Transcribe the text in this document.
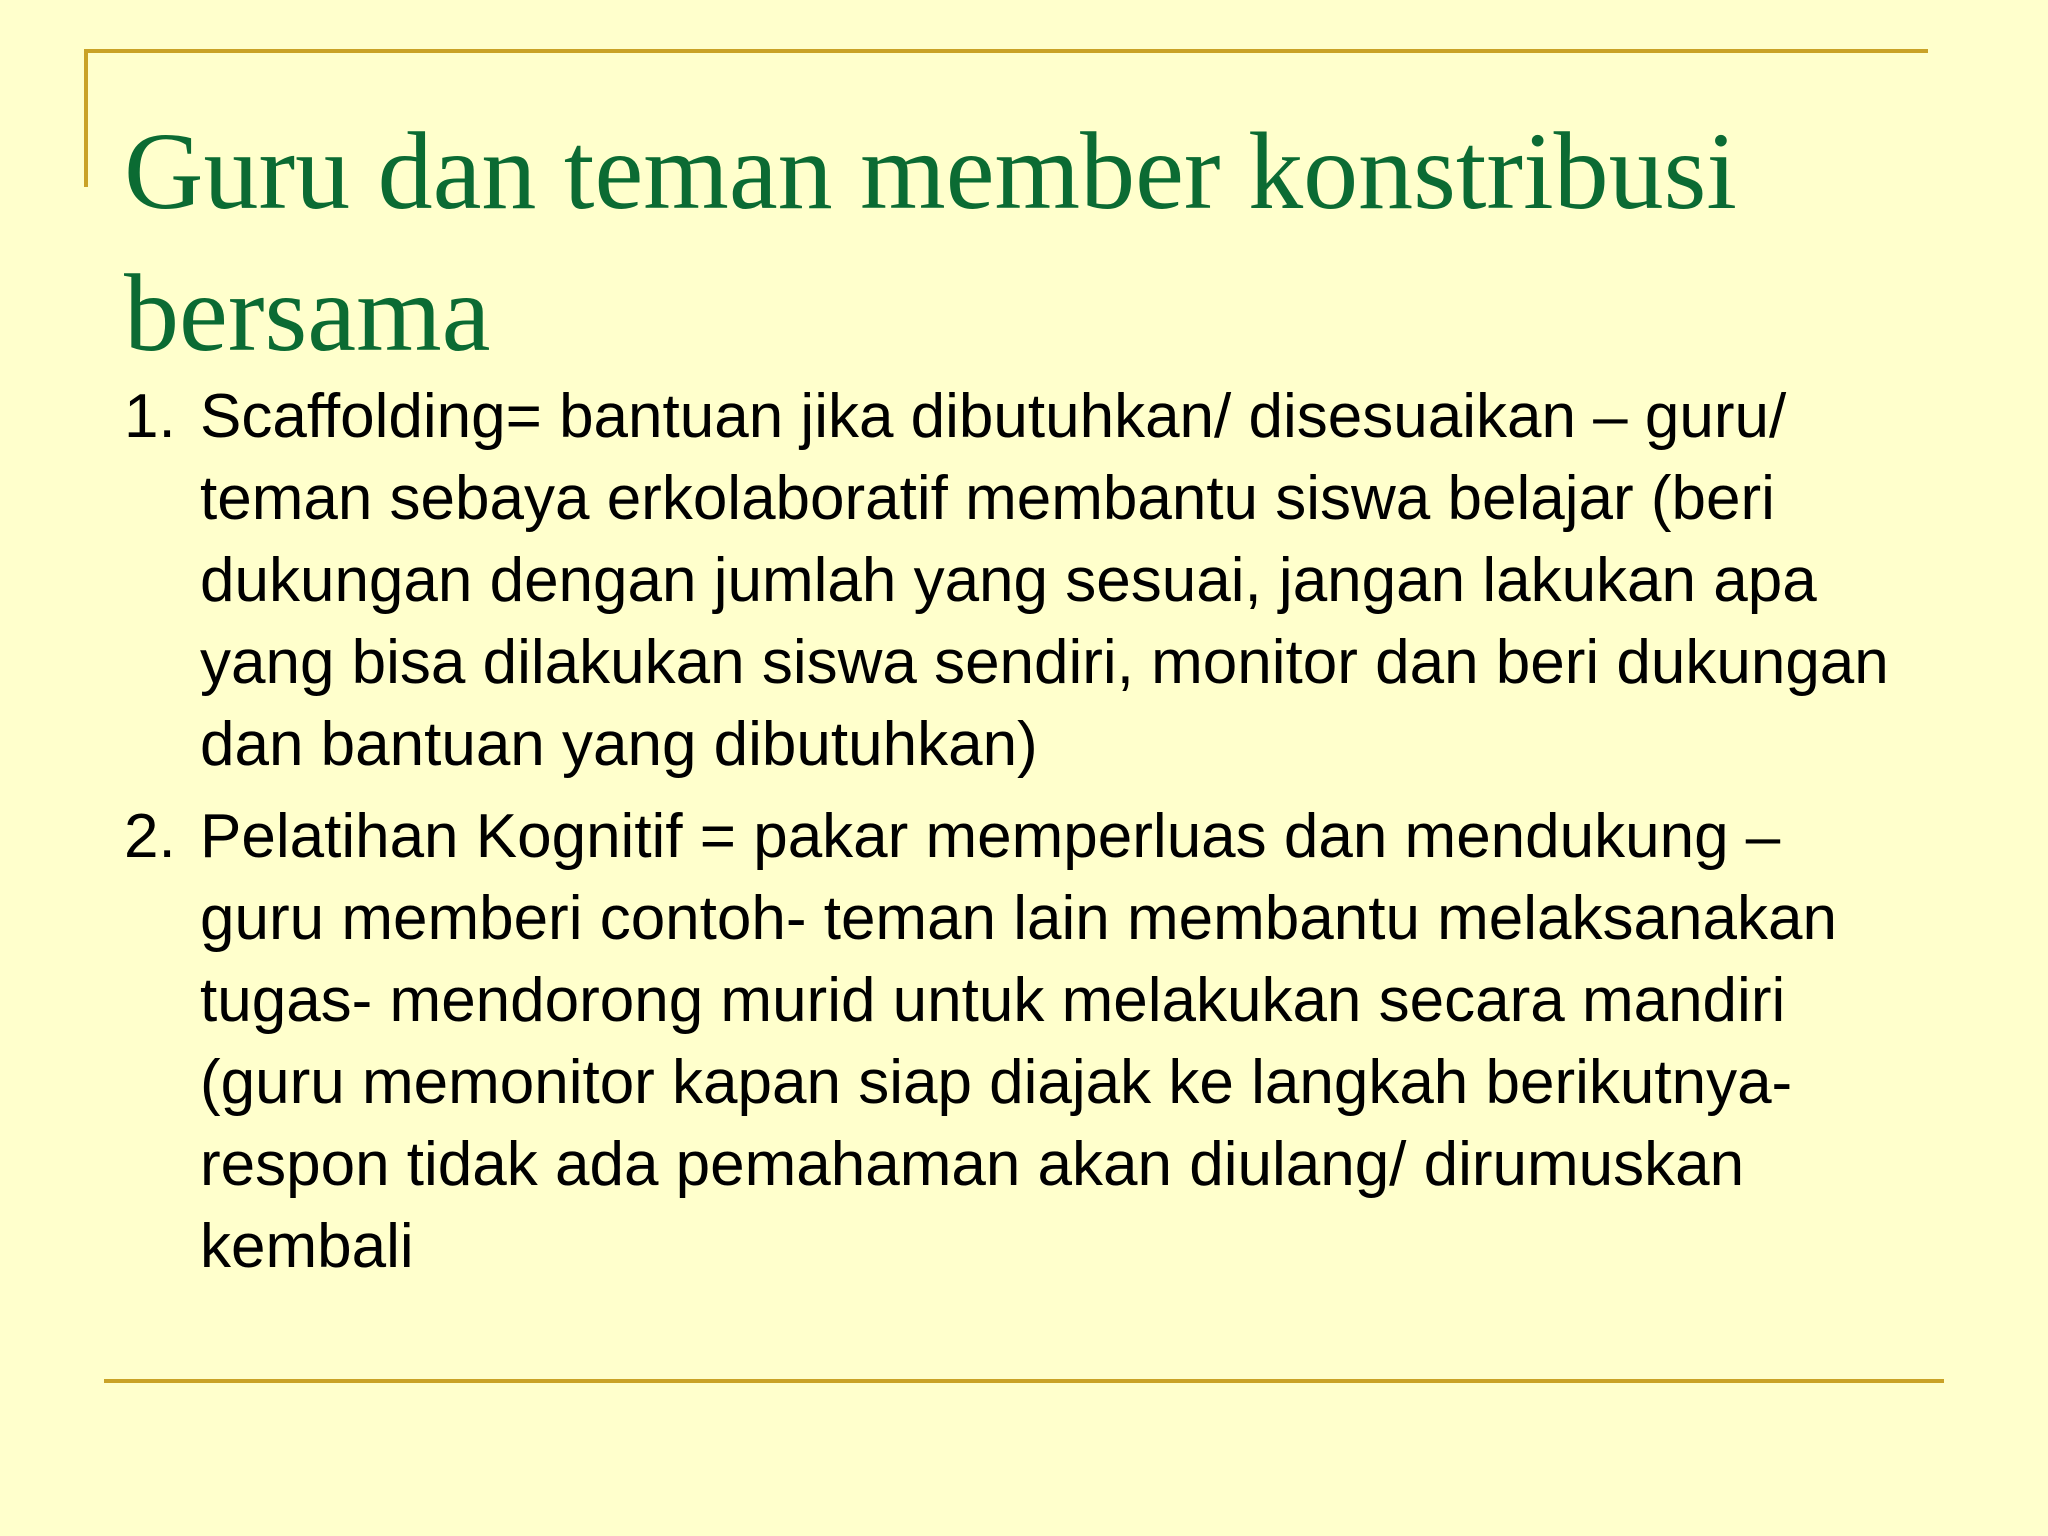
Guru dan teman member konstribusi bersama
1. Scaffolding= bantuan jika dibutuhkan/ disesuaikan – guru/ teman sebaya erkolaboratif membantu siswa belajar (beri dukungan dengan jumlah yang sesuai, jangan lakukan apa yang bisa dilakukan siswa sendiri, monitor dan beri dukungan dan bantuan yang dibutuhkan)
2. Pelatihan Kognitif = pakar memperluas dan mendukung – guru memberi contoh- teman lain membantu melaksanakan tugas- mendorong murid untuk melakukan secara mandiri (guru memonitor kapan siap diajak ke langkah berikutnya- respon tidak ada pemahaman akan diulang/ dirumuskan kembali
